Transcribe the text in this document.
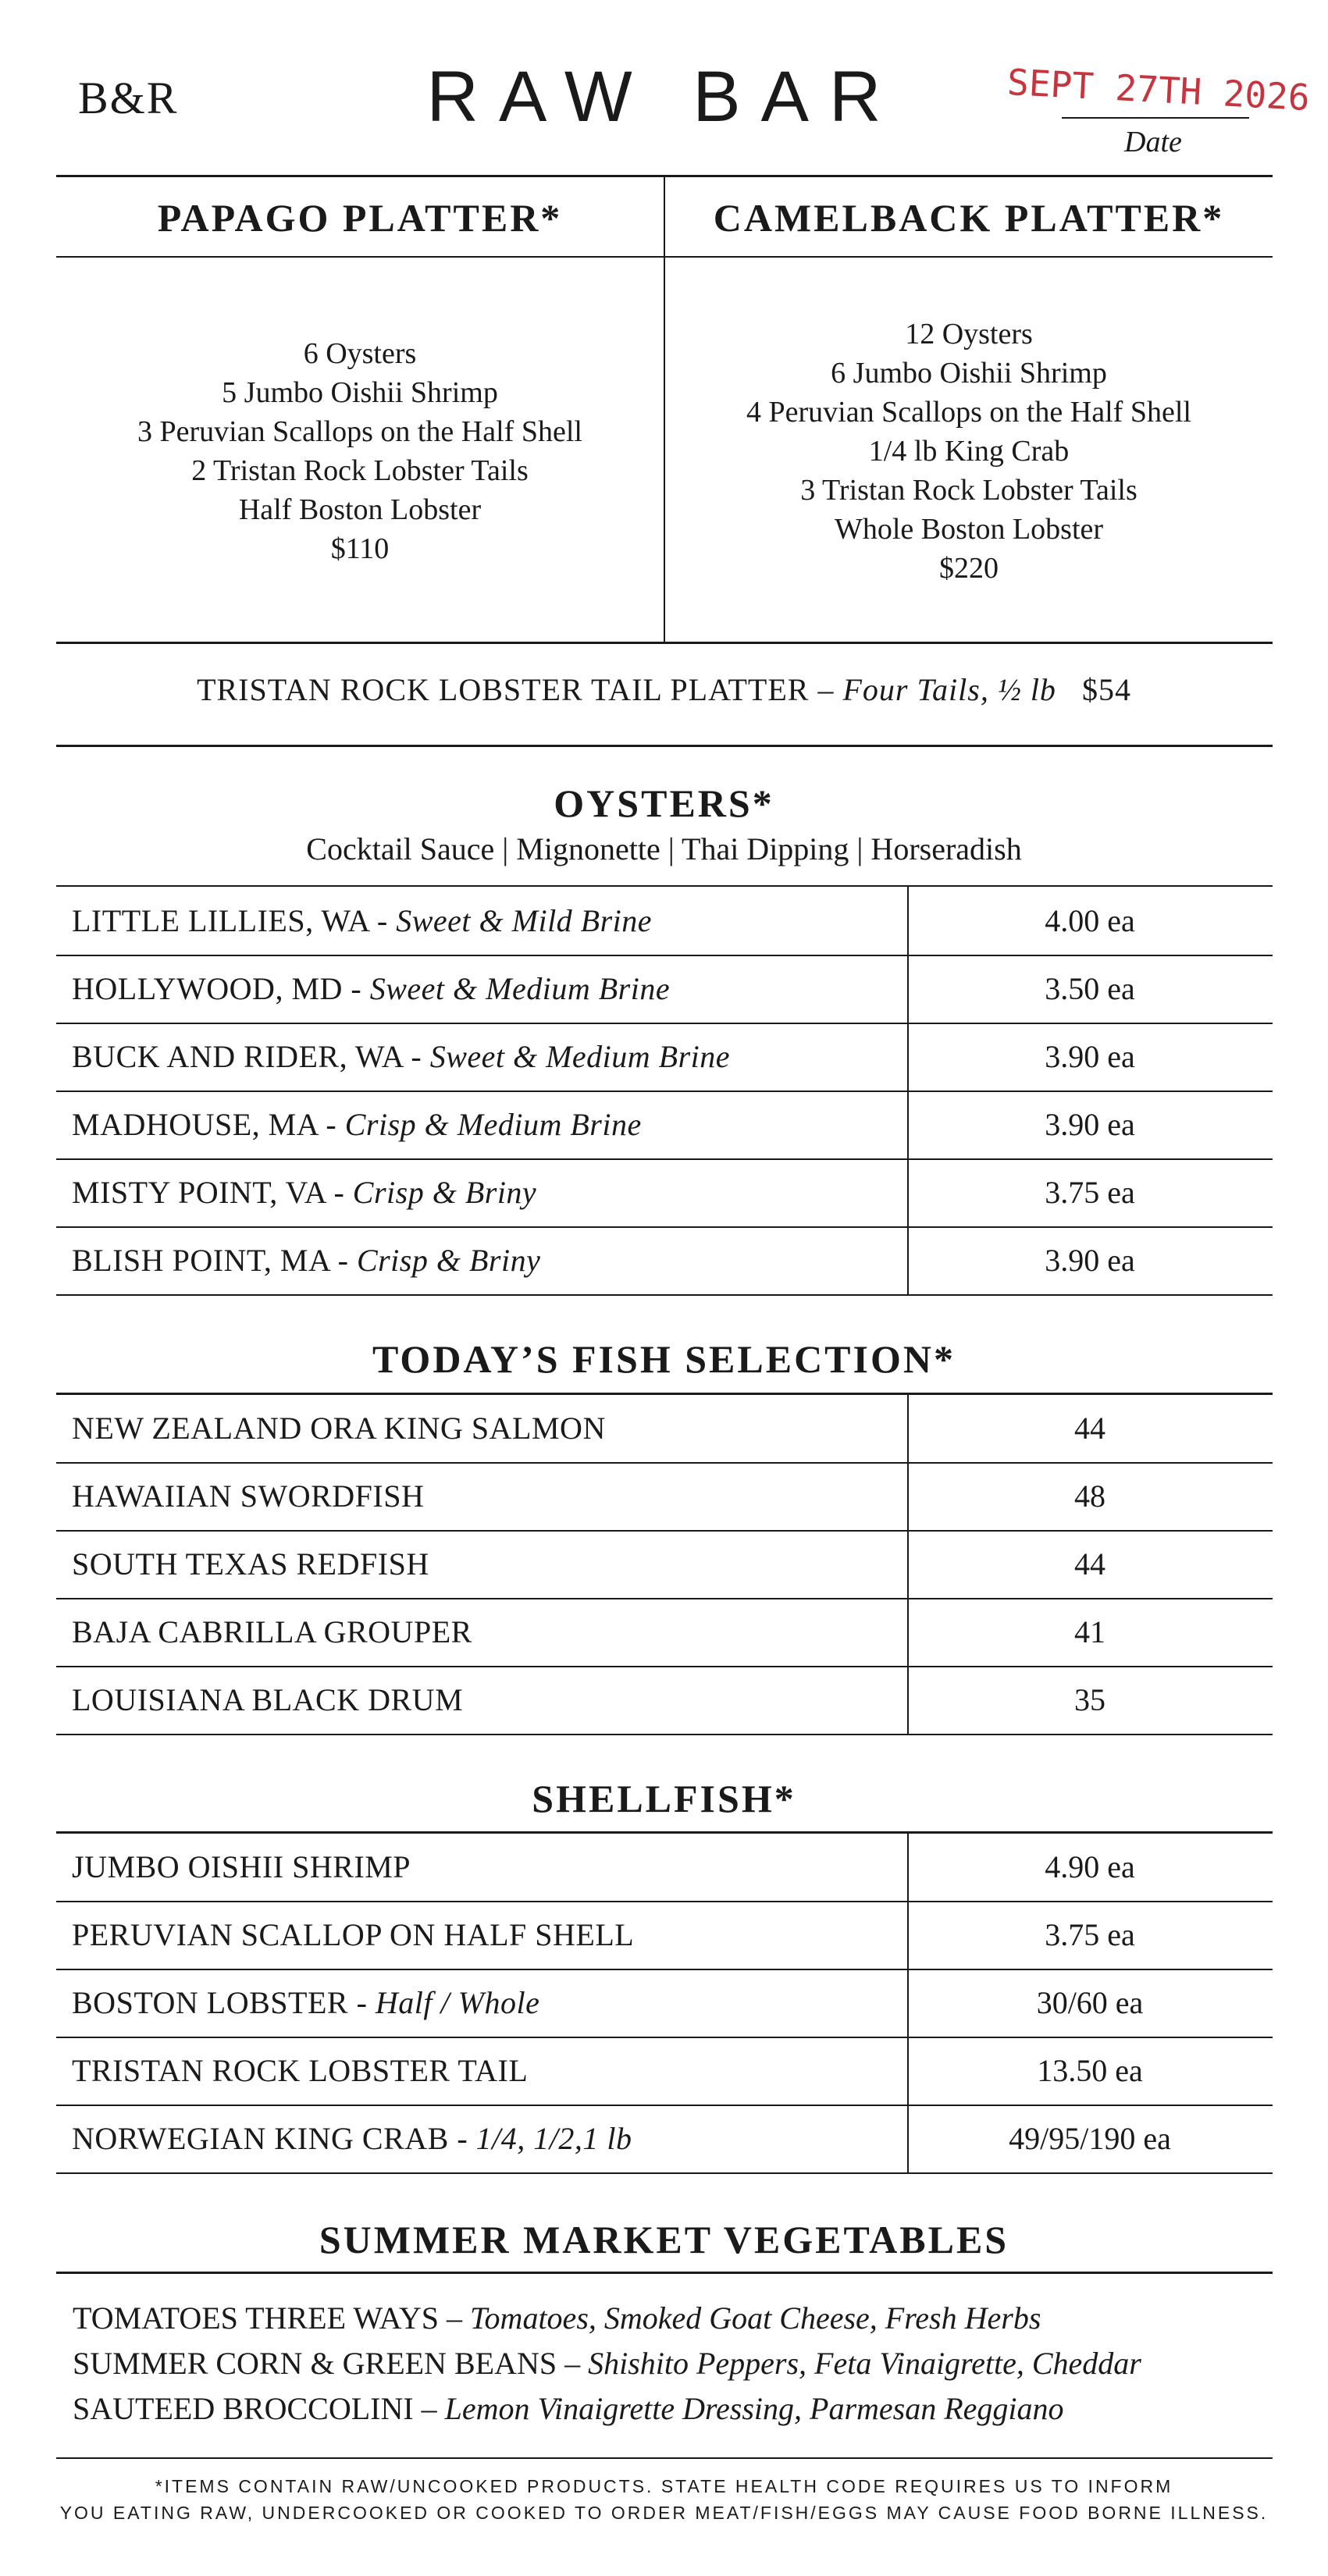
B&R	RAW BAR	SEPT 27TH 2026
Date
PAPAGO PLATTER*	CAMELBACK PLATTER*
6 Oysters
5 Jumbo Oishii Shrimp
3 Peruvian Scallops on the Half Shell
2 Tristan Rock Lobster Tails
Half Boston Lobster
$110
12 Oysters
6 Jumbo Oishii Shrimp
4 Peruvian Scallops on the Half Shell
1/4 lb King Crab
3 Tristan Rock Lobster Tails
Whole Boston Lobster
$220
TRISTAN ROCK LOBSTER TAIL PLATTER – Four Tails, ½ lb $54
OYSTERS*
Cocktail Sauce | Mignonette | Thai Dipping | Horseradish
LITTLE LILLIES, WA - Sweet & Mild Brine	4.00 ea
HOLLYWOOD, MD - Sweet & Medium Brine	3.50 ea
BUCK AND RIDER, WA - Sweet & Medium Brine	3.90 ea
MADHOUSE, MA - Crisp & Medium Brine	3.90 ea
MISTY POINT, VA - Crisp & Briny	3.75 ea
BLISH POINT, MA - Crisp & Briny	3.90 ea
TODAY’S FISH SELECTION*
NEW ZEALAND ORA KING SALMON	44
HAWAIIAN SWORDFISH	48
SOUTH TEXAS REDFISH	44
BAJA CABRILLA GROUPER	41
LOUISIANA BLACK DRUM	35
SHELLFISH*
JUMBO OISHII SHRIMP	4.90 ea
PERUVIAN SCALLOP ON HALF SHELL	3.75 ea
BOSTON LOBSTER - Half / Whole	30/60 ea
TRISTAN ROCK LOBSTER TAIL	13.50 ea
NORWEGIAN KING CRAB - 1/4, 1/2,1 lb	49/95/190 ea
SUMMER MARKET VEGETABLES
TOMATOES THREE WAYS – Tomatoes, Smoked Goat Cheese, Fresh Herbs
SUMMER CORN & GREEN BEANS – Shishito Peppers, Feta Vinaigrette, Cheddar
SAUTEED BROCCOLINI – Lemon Vinaigrette Dressing, Parmesan Reggiano
*ITEMS CONTAIN RAW/UNCOOKED PRODUCTS. STATE HEALTH CODE REQUIRES US TO INFORM
YOU EATING RAW, UNDERCOOKED OR COOKED TO ORDER MEAT/FISH/EGGS MAY CAUSE FOOD BORNE ILLNESS.
